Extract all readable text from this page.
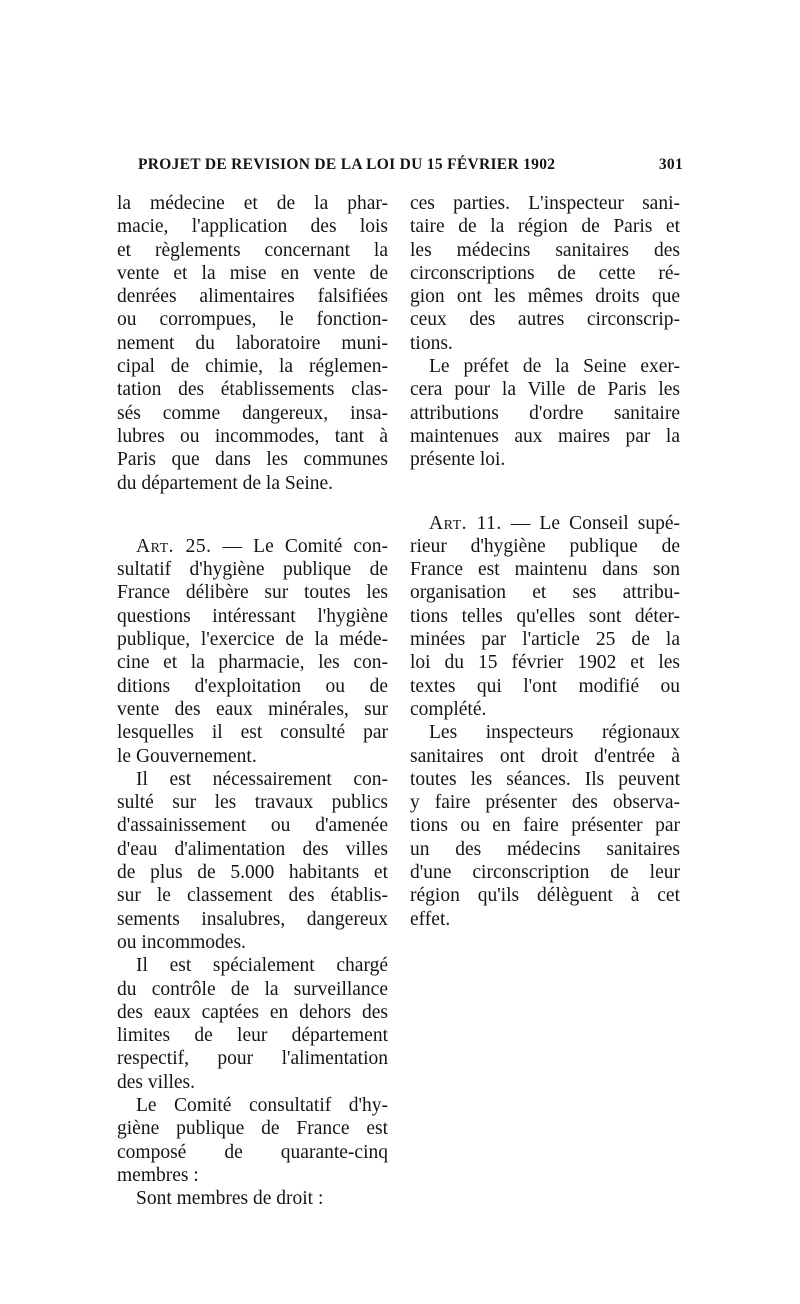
PROJET DE REVISION DE LA LOI DU 15 FÉVRIER 1902	301

la médecine et de la phar-
macie, l'application des lois
et règlements concernant la
vente et la mise en vente de
denrées alimentaires falsifiées
ou corrompues, le fonction-
nement du laboratoire muni-
cipal de chimie, la réglemen-
tation des établissements clas-
sés comme dangereux, insa-
lubres ou incommodes, tant à
Paris que dans les communes
du département de la Seine.

Art. 25. — Le Comité con-
sultatif d'hygiène publique de
France délibère sur toutes les
questions intéressant l'hygiène
publique, l'exercice de la méde-
cine et la pharmacie, les con-
ditions d'exploitation ou de
vente des eaux minérales, sur
lesquelles il est consulté par
le Gouvernement.

Il est nécessairement con-
sulté sur les travaux publics
d'assainissement ou d'amenée
d'eau d'alimentation des villes
de plus de 5.000 habitants et
sur le classement des établis-
sements insalubres, dangereux
ou incommodes.

Il est spécialement chargé
du contrôle de la surveillance
des eaux captées en dehors des
limites de leur département
respectif, pour l'alimentation
des villes.

Le Comité consultatif d'hy-
giène publique de France est
composé de quarante-cinq
membres :

Sont membres de droit :

ces parties. L'inspecteur sani-
taire de la région de Paris et
les médecins sanitaires des
circonscriptions de cette ré-
gion ont les mêmes droits que
ceux des autres circonscrip-
tions.

Le préfet de la Seine exer-
cera pour la Ville de Paris les
attributions d'ordre sanitaire
maintenues aux maires par la
présente loi.

Art. 11. — Le Conseil supé-
rieur d'hygiène publique de
France est maintenu dans son
organisation et ses attribu-
tions telles qu'elles sont déter-
minées par l'article 25 de la
loi du 15 février 1902 et les
textes qui l'ont modifié ou
complété.

Les inspecteurs régionaux
sanitaires ont droit d'entrée à
toutes les séances. Ils peuvent
y faire présenter des observa-
tions ou en faire présenter par
un des médecins sanitaires
d'une circonscription de leur
région qu'ils délèguent à cet
effet.
